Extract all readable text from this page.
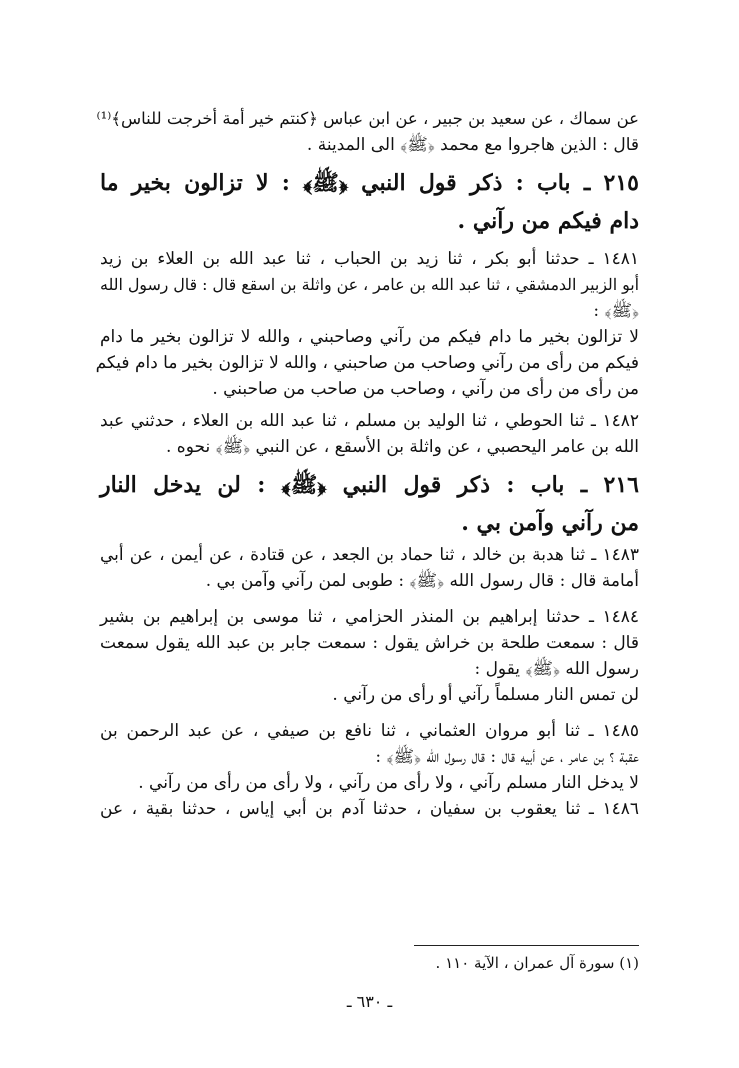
عن سماك ، عن سعيد بن جبير ، عن ابن عباس ﴿كنتم خير أمة أخرجت للناس﴾⁽¹⁾

قال : الذين هاجروا مع محمد ﴿ﷺ﴾ الى المدينة .

٢١٥ ـ باب : ذكر قول النبي ﴿ﷺ﴾ : لا تزالون بخير ما

دام فيكم من رآني .

١٤٨١ ـ حدثنا أبو بكر ، ثنا زيد بن الحباب ، ثنا عبد الله بن العلاء بن زيد

أبو الزبير الدمشقي ، ثنا عبد الله بن عامر ، عن واثلة بن اسقع قال : قال رسول الله

﴿ﷺ﴾ :

لا تزالون بخير ما دام فيكم من رآني وصاحبني ، والله لا تزالون بخير ما دام

فيكم من رأى من رآني وصاحب من صاحبني ، والله لا تزالون بخير ما دام فيكم

من رأى من رأى من رآني ، وصاحب من صاحب من صاحبني .

١٤٨٢ ـ ثنا الحوطي ، ثنا الوليد بن مسلم ، ثنا عبد الله بن العلاء ، حدثني عبد

الله بن عامر اليحصبي ، عن واثلة بن الأسقع ، عن النبي ﴿ﷺ﴾ نحوه .

٢١٦ ـ باب : ذكر قول النبي ﴿ﷺ﴾ : لن يدخل النار

من رآني وآمن بي .

١٤٨٣ ـ ثنا هدبة بن خالد ، ثنا حماد بن الجعد ، عن قتادة ، عن أيمن ، عن أبي

أمامة قال : قال رسول الله ﴿ﷺ﴾ : طوبى لمن رآني وآمن بي .

١٤٨٤ ـ حدثنا إبراهيم بن المنذر الحزامي ، ثنا موسى بن إبراهيم بن بشير

قال : سمعت طلحة بن خراش يقول : سمعت جابر بن عبد الله يقول سمعت

رسول الله ﴿ﷺ﴾ يقول :

لن تمس النار مسلماً رآني أو رأى من رآني .

١٤٨٥ ـ ثنا أبو مروان العثماني ، ثنا نافع بن صيفي ، عن عبد الرحمن بن

عقبة ؟ بن عامر ، عن أبيه قال : قال رسول الله ﴿ﷺ﴾ :

لا يدخل النار مسلم رآني ، ولا رأى من رآني ، ولا رأى من رأى من رآني .

١٤٨٦ ـ ثنا يعقوب بن سفيان ، حدثنا آدم بن أبي إياس ، حدثنا بقية ، عن

(١) سورة آل عمران ، الآية ١١٠ .
ـ ٦٣٠ ـ
